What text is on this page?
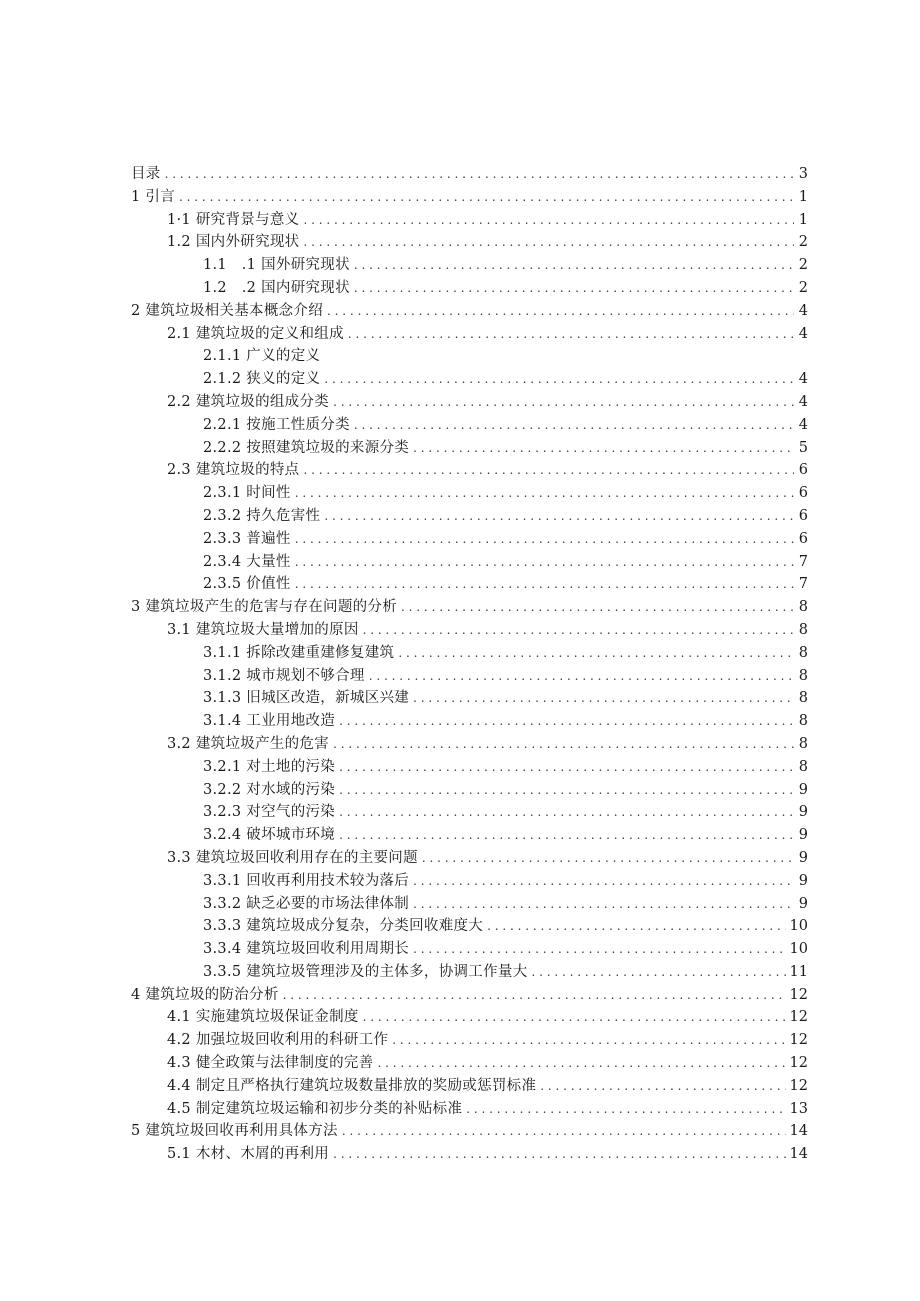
目录 . . .	3
1 引言 . . .	1
1·1 研究背景与意义 . . .	1
1.2 国内外研究现状 . . .	2
1.1　.1 国外研究现状 . . .	2
1.2　.2 国内研究现状 . . .	2
2 建筑垃圾相关基本概念介绍 . . .	4
2.1 建筑垃圾的定义和组成 . . .	4
2.1.1 广义的定义
2.1.2 狭义的定义 . . .	4
2.2 建筑垃圾的组成分类 . . .	4
2.2.1 按施工性质分类 . . .	4
2.2.2 按照建筑垃圾的来源分类 . . .	5
2.3 建筑垃圾的特点 . . .	6
2.3.1 时间性 . . .	6
2.3.2 持久危害性 . . .	6
2.3.3 普遍性 . . .	6
2.3.4 大量性 . . .	7
2.3.5 价值性 . . .	7
3 建筑垃圾产生的危害与存在问题的分析 . . .	8
3.1 建筑垃圾大量增加的原因 . . .	8
3.1.1 拆除改建重建修复建筑 . . .	8
3.1.2 城市规划不够合理 . . .	8
3.1.3 旧城区改造，新城区兴建 . . .	8
3.1.4 工业用地改造 . . .	8
3.2 建筑垃圾产生的危害 . . .	8
3.2.1 对土地的污染 . . .	8
3.2.2 对水域的污染 . . .	9
3.2.3 对空气的污染 . . .	9
3.2.4 破坏城市环境 . . .	9
3.3 建筑垃圾回收利用存在的主要问题 . . .	9
3.3.1 回收再利用技术较为落后 . . .	9
3.3.2 缺乏必要的市场法律体制 . . .	9
3.3.3 建筑垃圾成分复杂，分类回收难度大 . . .	10
3.3.4 建筑垃圾回收利用周期长 . . .	10
3.3.5 建筑垃圾管理涉及的主体多，协调工作量大 . . .	11
4 建筑垃圾的防治分析 . . .	12
4.1 实施建筑垃圾保证金制度 . . .	12
4.2 加强垃圾回收利用的科研工作 . . .	12
4.3 健全政策与法律制度的完善 . . .	12
4.4 制定且严格执行建筑垃圾数量排放的奖励或惩罚标准 . . .	12
4.5 制定建筑垃圾运输和初步分类的补贴标准 . . .	13
5 建筑垃圾回收再利用具体方法 . . .	14
5.1 木材、木屑的再利用 . . .	14
